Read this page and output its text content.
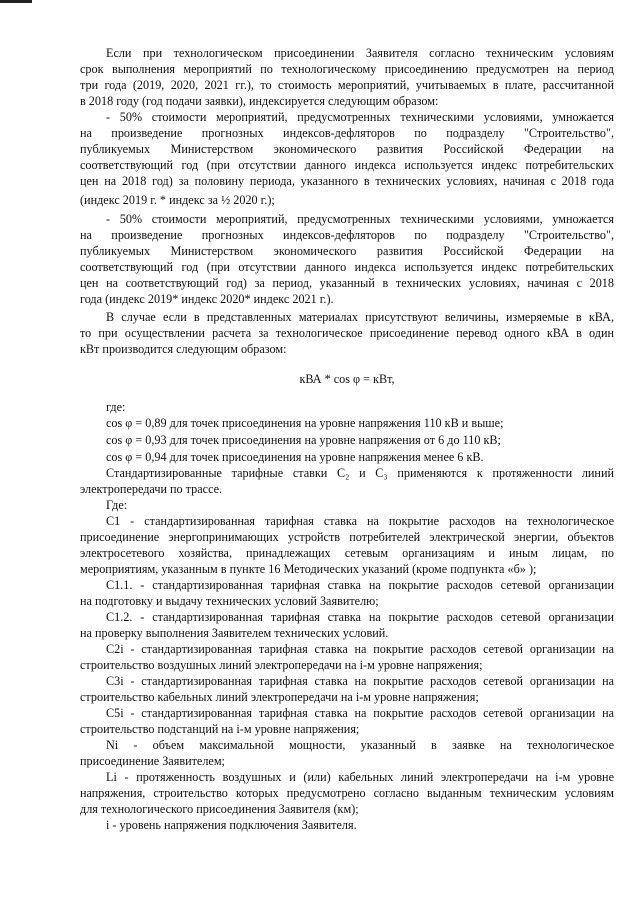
Если при технологическом присоединении Заявителя согласно техническим условиям
срок выполнения мероприятий по технологическому присоединению предусмотрен на период
три года (2019, 2020, 2021 гг.), то стоимость мероприятий, учитываемых в плате, рассчитанной
в 2018 году (год подачи заявки), индексируется следующим образом:
- 50% стоимости мероприятий, предусмотренных техническими условиями, умножается
на произведение прогнозных индексов-дефляторов по подразделу "Строительство",
публикуемых Министерством экономического развития Российской Федерации на
соответствующий год (при отсутствии данного индекса используется индекс потребительских
цен на 2018 год) за половину периода, указанного в технических условиях, начиная с 2018 года
(индекс 2019 г. * индекс за ½ 2020 г.);
- 50% стоимости мероприятий, предусмотренных техническими условиями, умножается
на произведение прогнозных индексов-дефляторов по подразделу "Строительство",
публикуемых Министерством экономического развития Российской Федерации на
соответствующий год (при отсутствии данного индекса используется индекс потребительских
цен на соответствующий год) за период, указанный в технических условиях, начиная с 2018
года (индекс 2019* индекс 2020* индекс 2021 г.).
В случае если в представленных материалах присутствуют величины, измеряемые в кВА,
то при осуществлении расчета за технологическое присоединение перевод одного кВА в один
кВт производится следующим образом:
кВА * cos φ = кВт,
где:
cos φ = 0,89 для точек присоединения на уровне напряжения 110 кВ и выше;
cos φ = 0,93 для точек присоединения на уровне напряжения от 6 до 110 кВ;
cos φ = 0,94 для точек присоединения на уровне напряжения менее 6 кВ.
Стандартизированные тарифные ставки С₂ и С₃ применяются к протяженности линий
электропередачи по трассе.
Где:
С1 - стандартизированная тарифная ставка на покрытие расходов на технологическое
присоединение энергопринимающих устройств потребителей электрической энергии, объектов
электросетевого хозяйства, принадлежащих сетевым организациям и иным лицам, по
мероприятиям, указанным в пункте 16 Методических указаний (кроме подпункта «б» );
С1.1. - стандартизированная тарифная ставка на покрытие расходов сетевой организации
на подготовку и выдачу технических условий Заявителю;
С1.2. - стандартизированная тарифная ставка на покрытие расходов сетевой организации
на проверку выполнения Заявителем технических условий.
С2i - стандартизированная тарифная ставка на покрытие расходов сетевой организации на
строительство воздушных линий электропередачи на i-м уровне напряжения;
С3i - стандартизированная тарифная ставка на покрытие расходов сетевой организации на
строительство кабельных линий электропередачи на i-м уровне напряжения;
С5i - стандартизированная тарифная ставка на покрытие расходов сетевой организации на
строительство подстанций на i-м уровне напряжения;
Ni - объем максимальной мощности, указанный в заявке на технологическое
присоединение Заявителем;
Li - протяженность воздушных и (или) кабельных линий электропередачи на i-м уровне
напряжения, строительство которых предусмотрено согласно выданным техническим условиям
для технологического присоединения Заявителя (км);
i - уровень напряжения подключения Заявителя.
